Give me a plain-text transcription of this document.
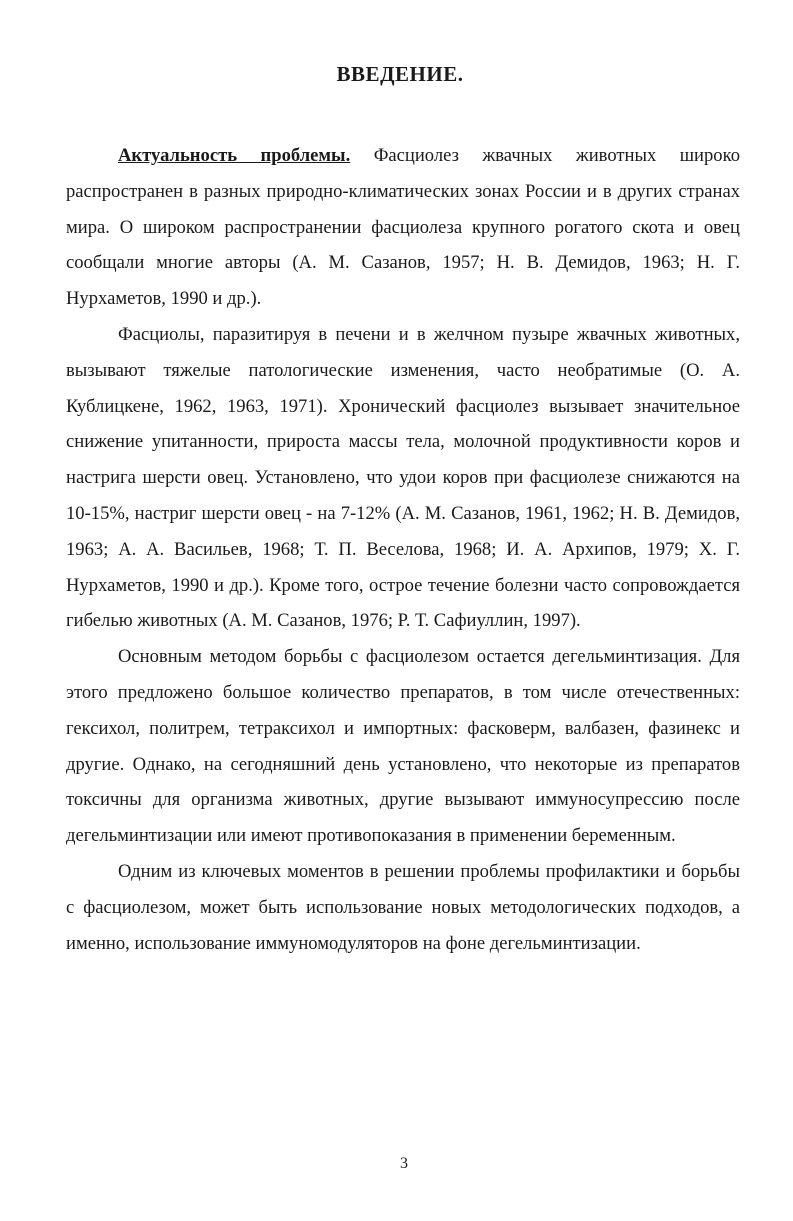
ВВЕДЕНИЕ.

Актуальность проблемы. Фасциолез жвачных животных широко распространен в разных природно-климатических зонах России и в других странах мира. О широком распространении фасциолеза крупного рогатого скота и овец сообщали многие авторы (А. М. Сазанов, 1957; Н. В. Демидов, 1963; Н. Г. Нурхаметов, 1990 и др.).

Фасциолы, паразитируя в печени и в желчном пузыре жвачных животных, вызывают тяжелые патологические изменения, часто необратимые (О. А. Кублицкене, 1962, 1963, 1971). Хронический фасциолез вызывает значительное снижение упитанности, прироста массы тела, молочной продуктивности коров и настрига шерсти овец. Установлено, что удои коров при фасциолезе снижаются на 10-15%, настриг шерсти овец - на 7-12% (А. М. Сазанов, 1961, 1962; Н. В. Демидов, 1963; А. А. Васильев, 1968; Т. П. Веселова, 1968; И. А. Архипов, 1979; Х. Г. Нурхаметов, 1990 и др.). Кроме того, острое течение болезни часто сопровождается гибелью животных (А. М. Сазанов, 1976; Р. Т. Сафиуллин, 1997).

Основным методом борьбы с фасциолезом остается дегельминтизация. Для этого предложено большое количество препаратов, в том числе отечественных: гексихол, политрем, тетраксихол и импортных: фасковерм, валбазен, фазинекс и другие. Однако, на сегодняшний день установлено, что некоторые из препаратов токсичны для организма животных, другие вызывают иммуносупрессию после дегельминтизации или имеют противопоказания в применении беременным.

Одним из ключевых моментов в решении проблемы профилактики и борьбы с фасциолезом, может быть использование новых методологических подходов, а именно, использование иммуномодуляторов на фоне дегельминтизации.

3
